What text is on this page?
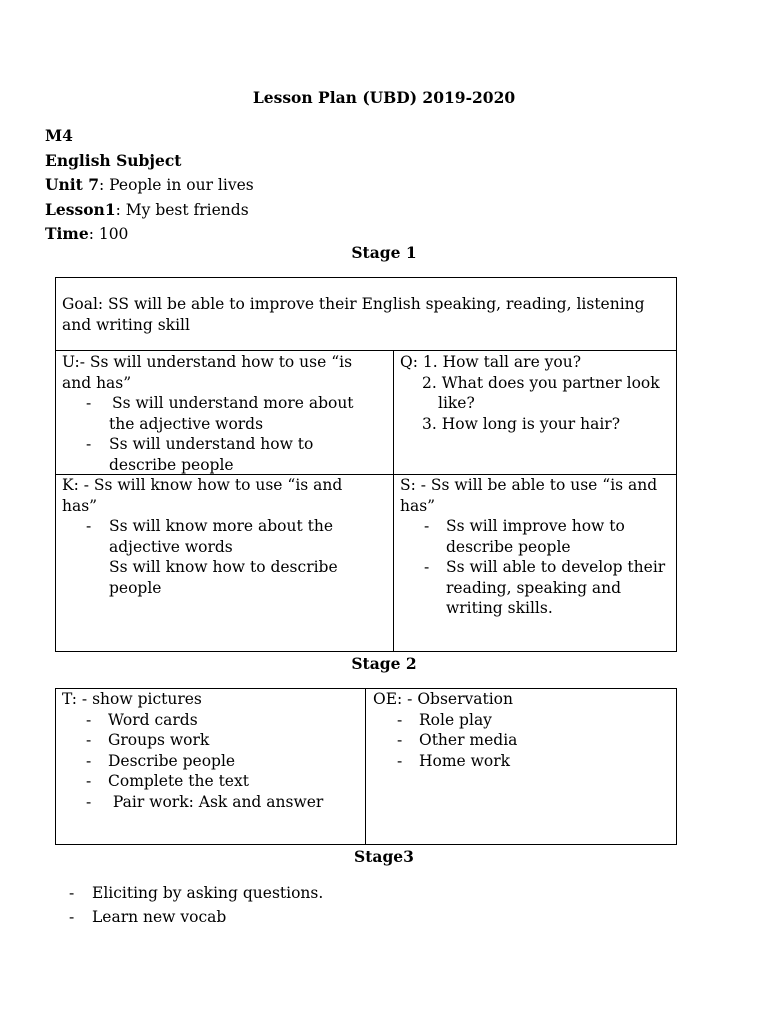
Lesson Plan (UBD) 2019-2020
M4
English Subject
Unit 7: People in our lives
Lesson1: My best friends
Time: 100
Stage 1
Goal: SS will be able to improve their English speaking, reading, listening
and writing skill
U:- Ss will understand how to use “is
and has”
-	Ss will understand more about
the adjective words
-	Ss will understand how to
describe people
Q: 1. How tall are you?
2. What does you partner look
like?
3. How long is your hair?
K: - Ss will know how to use “is and
has”
-	Ss will know more about the
adjective words
Ss will know how to describe
people
S: - Ss will be able to use “is and
has”
-	Ss will improve how to
describe people
-	Ss will able to develop their
reading, speaking and
writing skills.
Stage 2
T: - show pictures
-	Word cards
-	Groups work
-	Describe people
-	Complete the text
-	Pair work: Ask and answer
OE: - Observation
-	Role play
-	Other media
-	Home work
Stage3
-	Eliciting by asking questions.
-	Learn new vocab
